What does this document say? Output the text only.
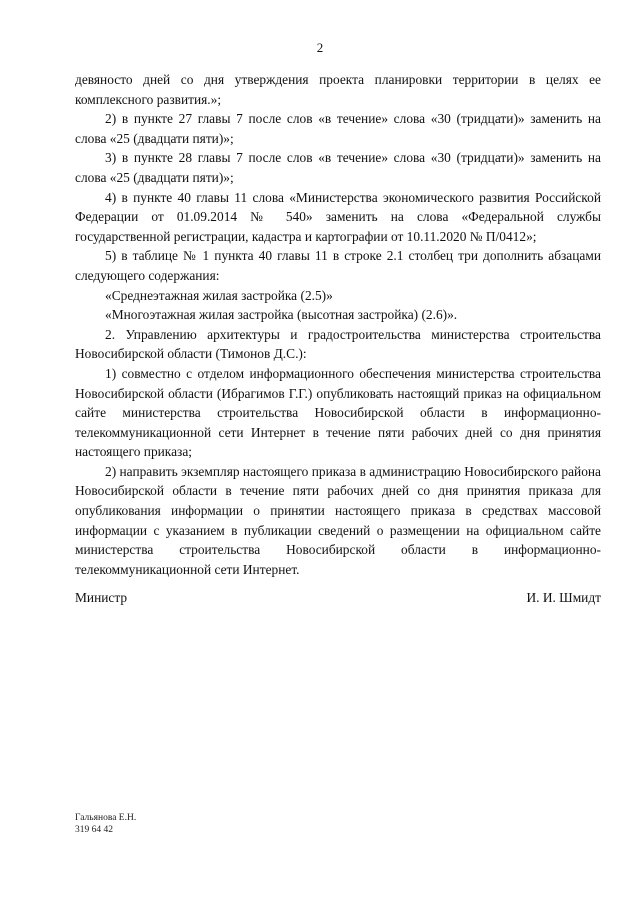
2

девяносто дней со дня утверждения проекта планировки территории в целях ее комплексного развития.»;

2) в пункте 27 главы 7 после слов «в течение» слова «30 (тридцати)» заменить на слова «25 (двадцати пяти)»;

3) в пункте 28 главы 7 после слов «в течение» слова «30 (тридцати)» заменить на слова «25 (двадцати пяти)»;

4) в пункте 40 главы 11 слова «Министерства экономического развития Российской Федерации от 01.09.2014 № 540» заменить на слова «Федеральной службы государственной регистрации, кадастра и картографии от 10.11.2020 № П/0412»;

5) в таблице № 1 пункта 40 главы 11 в строке 2.1 столбец три дополнить абзацами следующего содержания:

«Среднеэтажная жилая застройка (2.5)»

«Многоэтажная жилая застройка (высотная застройка) (2.6)».

2. Управлению архитектуры и градостроительства министерства строительства Новосибирской области (Тимонов Д.С.):

1) совместно с отделом информационного обеспечения министерства строительства Новосибирской области (Ибрагимов Г.Г.) опубликовать настоящий приказ на официальном сайте министерства строительства Новосибирской области в информационно-телекоммуникационной сети Интернет в течение пяти рабочих дней со дня принятия настоящего приказа;

2) направить экземпляр настоящего приказа в администрацию Новосибирского района Новосибирской области в течение пяти рабочих дней со дня принятия приказа для опубликования информации о принятии настоящего приказа в средствах массовой информации с указанием в публикации сведений о размещении на официальном сайте министерства строительства Новосибирской области в информационно-телекоммуникационной сети Интернет.

Министр	И. И. Шмидт
Гальянова Е.Н.
319 64 42
